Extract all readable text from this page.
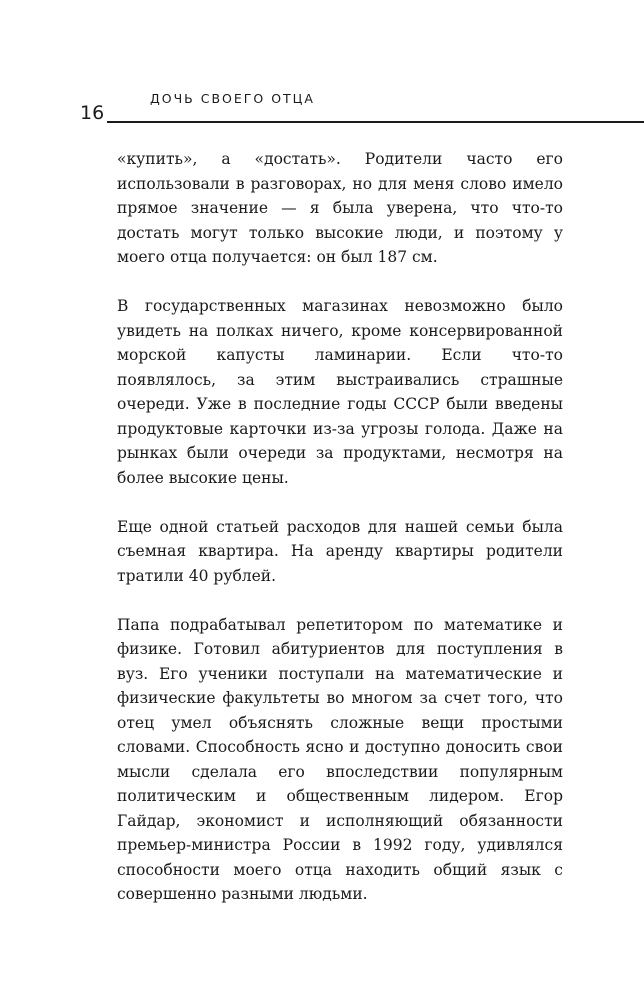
ДОЧЬ СВОЕГО ОТЦА
16

«купить», а «достать». Родители часто его использовали в разговорах, но для меня слово имело прямое значение — я была уверена, что что-то достать могут только высокие люди, и поэтому у моего отца получается: он был 187 см.

В государственных магазинах невозможно было увидеть на полках ничего, кроме консервированной морской капусты ламинарии. Если что-то появлялось, за этим выстраивались страшные очереди. Уже в последние годы СССР были введены продуктовые карточки из-за угрозы голода. Даже на рынках были очереди за продуктами, несмотря на более высокие цены.

Еще одной статьей расходов для нашей семьи была съемная квартира. На аренду квартиры родители тратили 40 рублей.

Папа подрабатывал репетитором по математике и физике. Готовил абитуриентов для поступления в вуз. Его ученики поступали на математические и физические факультеты во многом за счет того, что отец умел объяснять сложные вещи простыми словами. Способность ясно и доступно доносить свои мысли сделала его впоследствии популярным политическим и общественным лидером. Егор Гайдар, экономист и исполняющий обязанности премьер-министра России в 1992 году, удивлялся способности моего отца находить общий язык с совершенно разными людьми.
